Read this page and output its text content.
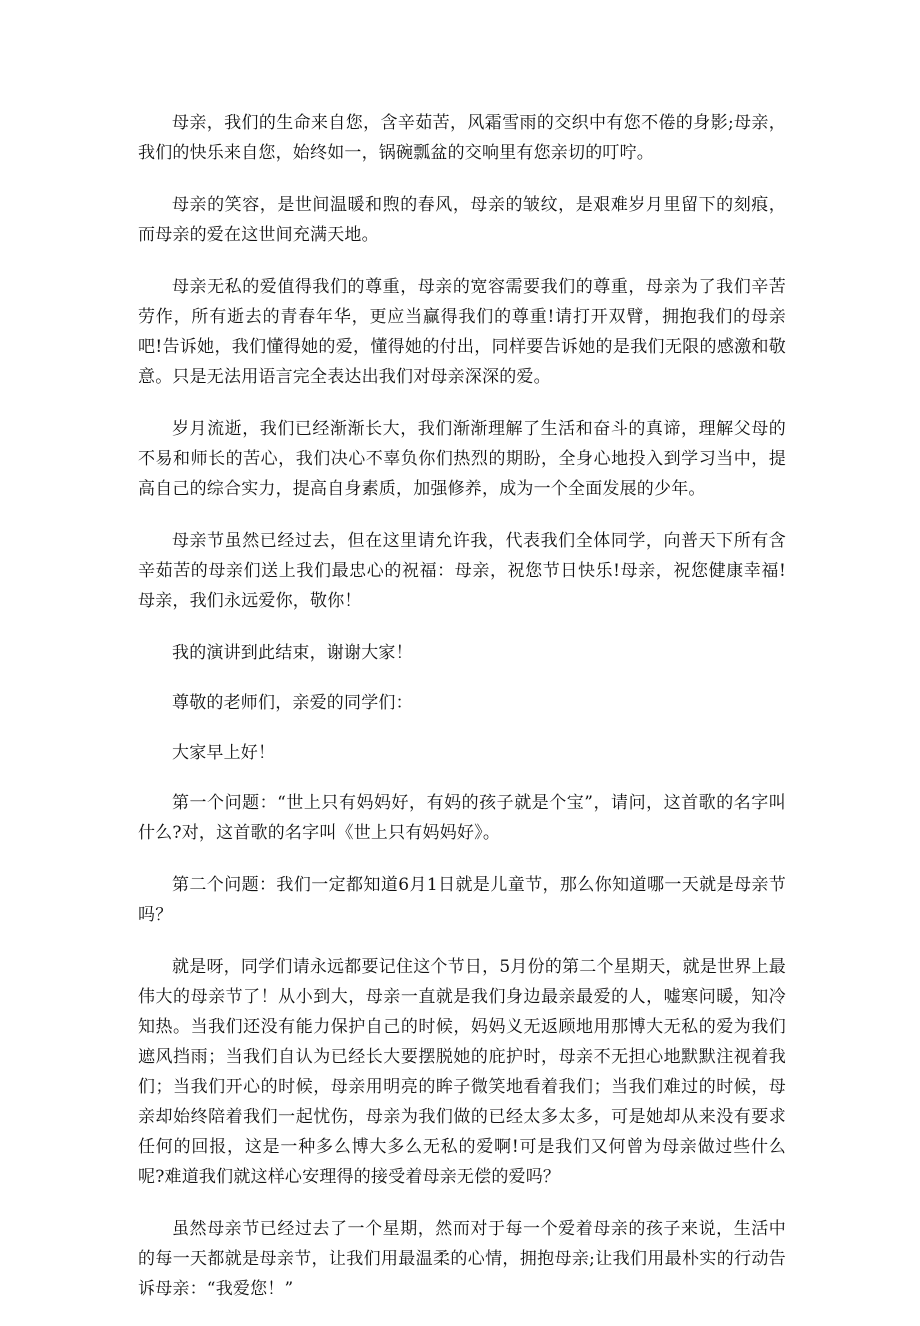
母亲，我们的生命来自您，含辛茹苦，风霜雪雨的交织中有您不倦的身影;母亲，我们的快乐来自您，始终如一，锅碗瓢盆的交响里有您亲切的叮咛。

母亲的笑容，是世间温暖和煦的春风，母亲的皱纹，是艰难岁月里留下的刻痕，而母亲的爱在这世间充满天地。

母亲无私的爱值得我们的尊重，母亲的宽容需要我们的尊重，母亲为了我们辛苦劳作，所有逝去的青春年华，更应当赢得我们的尊重!请打开双臂，拥抱我们的母亲吧!告诉她，我们懂得她的爱，懂得她的付出，同样要告诉她的是我们无限的感激和敬意。只是无法用语言完全表达出我们对母亲深深的爱。

岁月流逝，我们已经渐渐长大，我们渐渐理解了生活和奋斗的真谛，理解父母的不易和师长的苦心，我们决心不辜负你们热烈的期盼，全身心地投入到学习当中，提高自己的综合实力，提高自身素质，加强修养，成为一个全面发展的少年。

母亲节虽然已经过去，但在这里请允许我，代表我们全体同学，向普天下所有含辛茹苦的母亲们送上我们最忠心的祝福：母亲，祝您节日快乐!母亲，祝您健康幸福!母亲，我们永远爱你，敬你！

我的演讲到此结束，谢谢大家！

尊敬的老师们，亲爱的同学们：

大家早上好！

第一个问题：“世上只有妈妈好，有妈的孩子就是个宝”，请问，这首歌的名字叫什么?对，这首歌的名字叫《世上只有妈妈好》。

第二个问题：我们一定都知道6月1日就是儿童节，那么你知道哪一天就是母亲节吗？

就是呀，同学们请永远都要记住这个节日，5月份的第二个星期天，就是世界上最伟大的母亲节了！从小到大，母亲一直就是我们身边最亲最爱的人，嘘寒问暖，知冷知热。当我们还没有能力保护自己的时候，妈妈义无返顾地用那博大无私的爱为我们遮风挡雨；当我们自认为已经长大要摆脱她的庇护时，母亲不无担心地默默注视着我们；当我们开心的时候，母亲用明亮的眸子微笑地看着我们；当我们难过的时候，母亲却始终陪着我们一起忧伤，母亲为我们做的已经太多太多，可是她却从来没有要求任何的回报，这是一种多么博大多么无私的爱啊!可是我们又何曾为母亲做过些什么呢?难道我们就这样心安理得的接受着母亲无偿的爱吗？

虽然母亲节已经过去了一个星期，然而对于每一个爱着母亲的孩子来说，生活中的每一天都就是母亲节，让我们用最温柔的心情，拥抱母亲;让我们用最朴实的行动告诉母亲：“我爱您！”
